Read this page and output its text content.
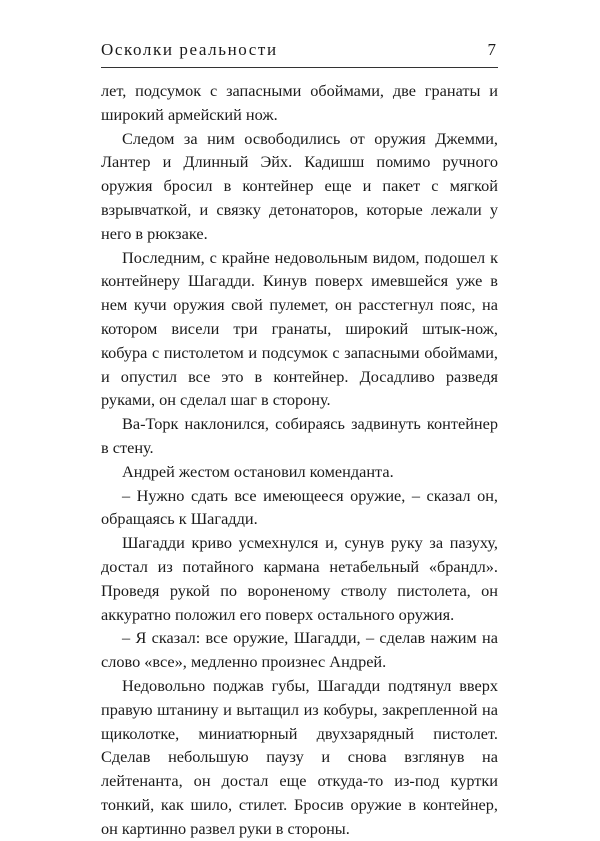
Осколки реальности	7

лет, подсумок с запасными обоймами, две гранаты и широкий армейский нож.

Следом за ним освободились от оружия Джемми, Лантер и Длинный Эйх. Кадишш помимо ручного оружия бросил в контейнер еще и пакет с мягкой взрывчаткой, и связку детонаторов, которые лежали у него в рюкзаке.

Последним, с крайне недовольным видом, подошел к контейнеру Шагадди. Кинув поверх имевшейся уже в нем кучи оружия свой пулемет, он расстегнул пояс, на котором висели три гранаты, широкий штык-нож, кобура с пистолетом и подсумок с запасными обоймами, и опустил все это в контейнер. Досадливо разведя руками, он сделал шаг в сторону.

Ва-Торк наклонился, собираясь задвинуть контейнер в стену.

Андрей жестом остановил коменданта.

– Нужно сдать все имеющееся оружие, – сказал он, обращаясь к Шагадди.

Шагадди криво усмехнулся и, сунув руку за пазуху, достал из потайного кармана нетабельный «брандл». Проведя рукой по вороненому стволу пистолета, он аккуратно положил его поверх остального оружия.

– Я сказал: все оружие, Шагадди, – сделав нажим на слово «все», медленно произнес Андрей.

Недовольно поджав губы, Шагадди подтянул вверх правую штанину и вытащил из кобуры, закрепленной на щиколотке, миниатюрный двухзарядный пистолет. Сделав небольшую паузу и снова взглянув на лейтенанта, он достал еще откуда-то из-под куртки тонкий, как шило, стилет. Бросив оружие в контейнер, он картинно развел руки в стороны.
